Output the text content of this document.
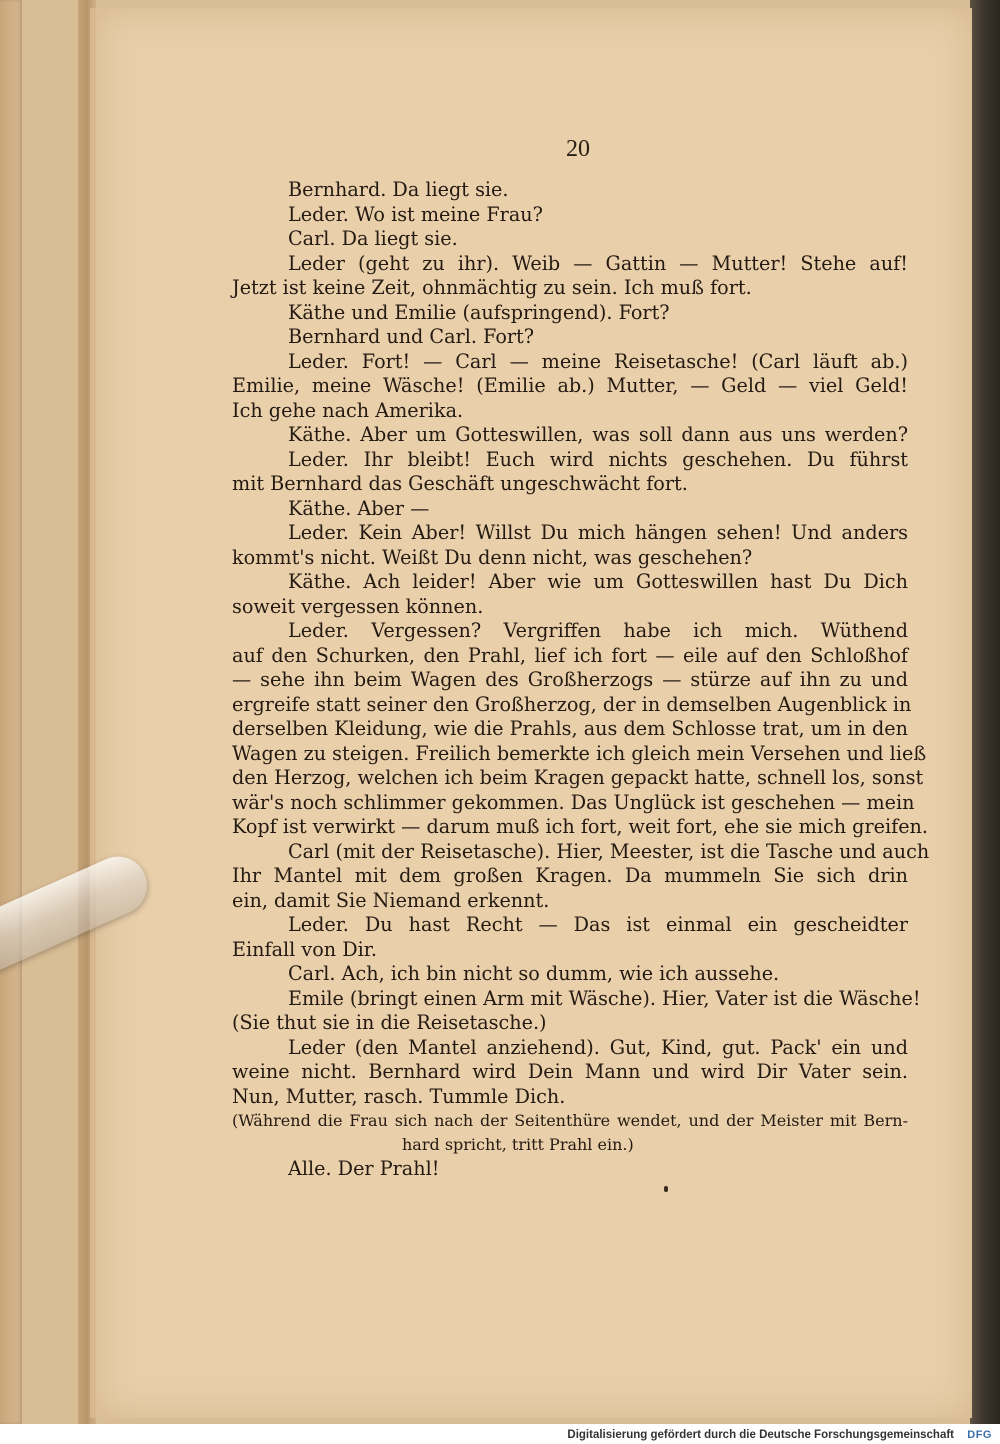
20
Bernhard. Da liegt sie.
Leder. Wo ist meine Frau?
Carl. Da liegt sie.
Leder (geht zu ihr). Weib — Gattin — Mutter! Stehe auf!
Jetzt ist keine Zeit, ohnmächtig zu sein. Ich muß fort.
Käthe und Emilie (aufspringend). Fort?
Bernhard und Carl. Fort?
Leder. Fort! — Carl — meine Reisetasche! (Carl läuft ab.)
Emilie, meine Wäsche! (Emilie ab.) Mutter, — Geld — viel Geld!
Ich gehe nach Amerika.
Käthe. Aber um Gotteswillen, was soll dann aus uns werden?
Leder. Ihr bleibt! Euch wird nichts geschehen. Du führst
mit Bernhard das Geschäft ungeschwächt fort.
Käthe. Aber —
Leder. Kein Aber! Willst Du mich hängen sehen! Und anders
kommt's nicht. Weißt Du denn nicht, was geschehen?
Käthe. Ach leider! Aber wie um Gotteswillen hast Du Dich
soweit vergessen können.
Leder. Vergessen? Vergriffen habe ich mich. Wüthend
auf den Schurken, den Prahl, lief ich fort — eile auf den Schloßhof
— sehe ihn beim Wagen des Großherzogs — stürze auf ihn zu und
ergreife statt seiner den Großherzog, der in demselben Augenblick in
derselben Kleidung, wie die Prahls, aus dem Schlosse trat, um in den
Wagen zu steigen. Freilich bemerkte ich gleich mein Versehen und ließ
den Herzog, welchen ich beim Kragen gepackt hatte, schnell los, sonst
wär's noch schlimmer gekommen. Das Unglück ist geschehen — mein
Kopf ist verwirkt — darum muß ich fort, weit fort, ehe sie mich greifen.
Carl (mit der Reisetasche). Hier, Meester, ist die Tasche und auch
Ihr Mantel mit dem großen Kragen. Da mummeln Sie sich drin
ein, damit Sie Niemand erkennt.
Leder. Du hast Recht — Das ist einmal ein gescheidter
Einfall von Dir.
Carl. Ach, ich bin nicht so dumm, wie ich aussehe.
Emile (bringt einen Arm mit Wäsche). Hier, Vater ist die Wäsche!
(Sie thut sie in die Reisetasche.)
Leder (den Mantel anziehend). Gut, Kind, gut. Pack' ein und
weine nicht. Bernhard wird Dein Mann und wird Dir Vater sein.
Nun, Mutter, rasch. Tummle Dich.
(Während die Frau sich nach der Seitenthüre wendet, und der Meister mit Bern-
hard spricht, tritt Prahl ein.)
Alle. Der Prahl!
Digitalisierung gefördert durch die Deutsche Forschungsgemeinschaft DFG
